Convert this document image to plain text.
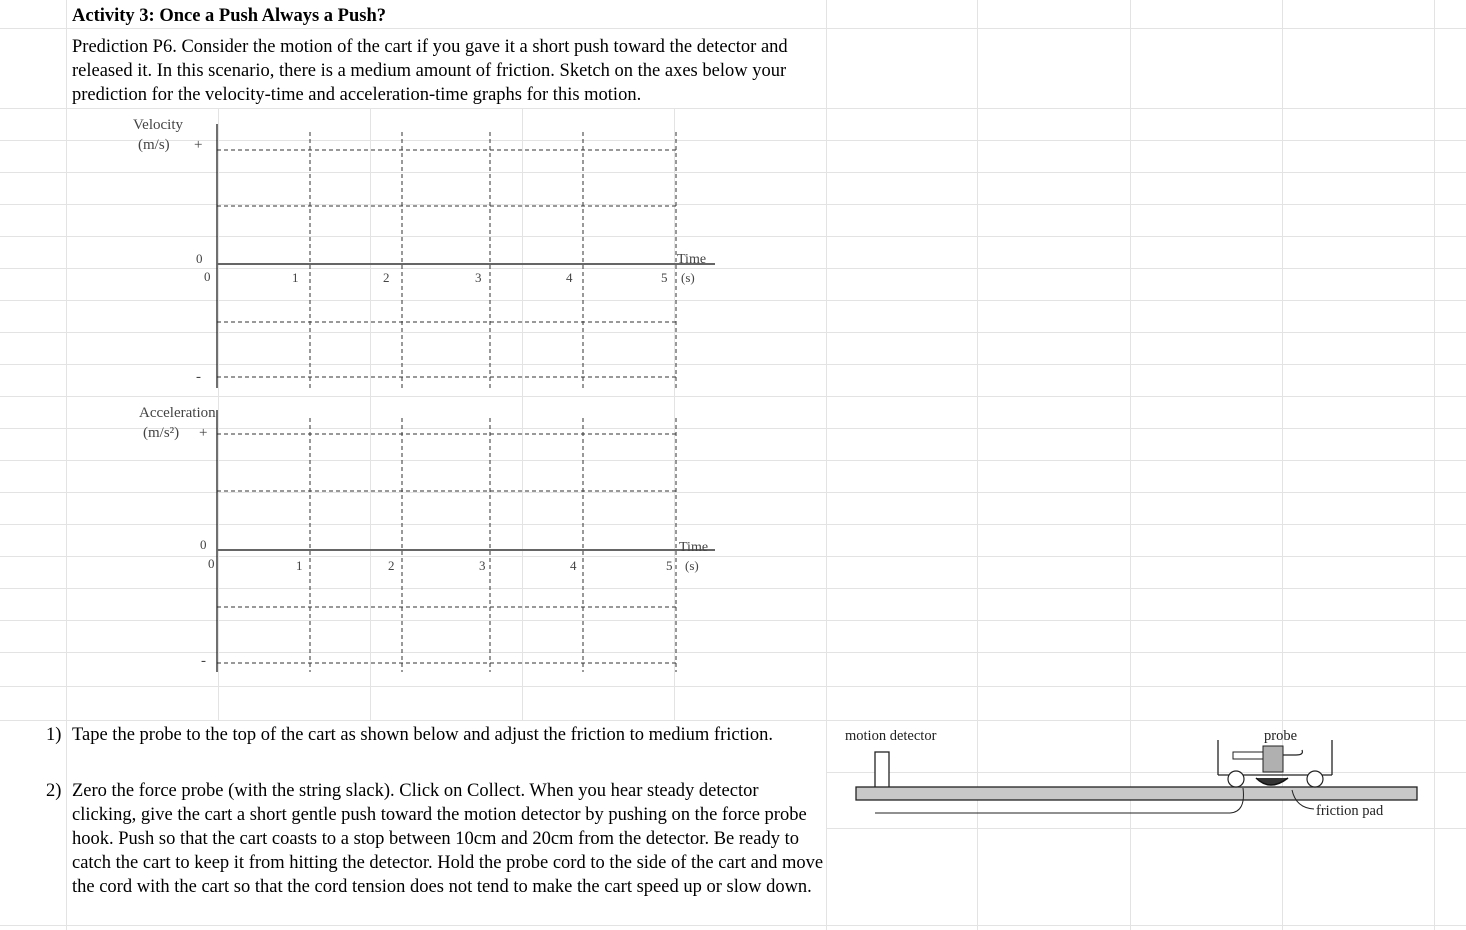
Activity 3: Once a Push Always a Push?
Prediction P6. Consider the motion of the cart if you gave it a short push toward the detector and released it. In this scenario, there is a medium amount of friction. Sketch on the axes below your prediction for the velocity-time and acceleration-time graphs for this motion.
Velocity
(m/s) +
0
0
-
1	2	3	4	5
Time
(s)
Acceleration
(m/s²) +
0
0
-
1	2	3	4	5
Time
(s)
1) Tape the probe to the top of the cart as shown below and adjust the friction to medium friction.
2) Zero the force probe (with the string slack). Click on Collect. When you hear steady detector clicking, give the cart a short gentle push toward the motion detector by pushing on the force probe hook. Push so that the cart coasts to a stop between 10cm and 20cm from the detector. Be ready to catch the cart to keep it from hitting the detector. Hold the probe cord to the side of the cart and move the cord with the cart so that the cord tension does not tend to make the cart speed up or slow down.
motion detector	probe
friction pad
